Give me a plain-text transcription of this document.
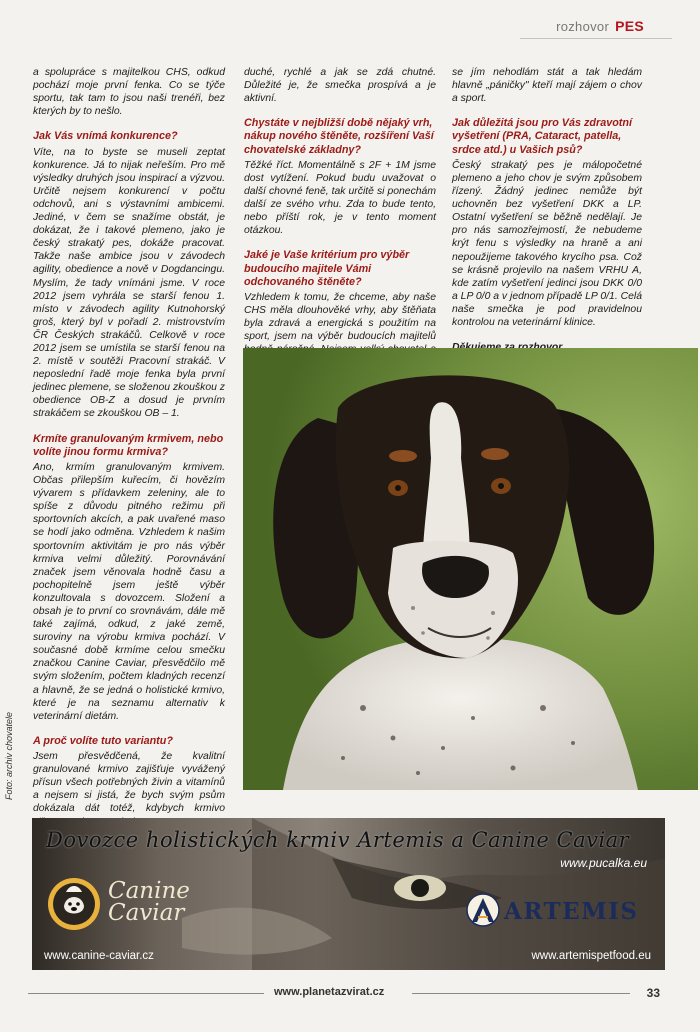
rozhovor PES

a spolupráce s majitelkou CHS, odkud pochází moje první fenka. Co se týče sportu, tak tam to jsou naši trenéři, bez kterých by to nešlo.

Jak Vás vnímá konkurence?

Víte, na to byste se museli zeptat konkurence. Já to nijak neřeším. Pro mě výsledky druhých jsou inspirací a výzvou. Určitě nejsem konkurencí v počtu odchovů, ani s výstavními ambicemi. Jediné, v čem se snažíme obstát, je dokázat, že i takové plemeno, jako je český strakatý pes, dokáže pracovat. Takže naše ambice jsou v závodech agility, obedience a nově v Dogdancingu. Myslím, že tady vnímáni jsme. V roce 2012 jsem vyhrála se starší fenou 1. místo v závodech agility Kutnohorský groš, který byl v pořadí 2. mistrovstvím ČR Českých strakáčů. Celkově v roce 2012 jsem se umístila se starší fenou na 2. místě v soutěži Pracovní strakáč. V neposlední řadě moje fenka byla první jedinec plemene, se složenou zkouškou z obedience OB-Z a dosud je prvním strakáčem se zkouškou OB – 1.

Krmíte granulovaným krmivem, nebo volíte jinou formu krmiva?

Ano, krmím granulovaným krmivem. Občas přilepším kuřecím, či hovězím vývarem s přídavkem zeleniny, ale to spíše z důvodu pitného režimu při sportovních akcích, a pak uvařené maso se hodí jako odměna. Vzhledem k našim sportovním aktivitám je pro nás výběr krmiva velmi důležitý. Porovnávání značek jsem věnovala hodně času a pochopitelně jsem ještě výběr konzultovala s dovozcem. Složení a obsah je to první co srovnávám, dále mě také zajímá, odkud, z jaké země, suroviny na výrobu krmiva pochází. V současné době krmíme celou smečku značkou Canine Caviar, přesvědčilo mě svým složením, počtem kladných recenzí a hlavně, že se jedná o holistické krmivo, které je na seznamu alternativ k veterinární dietám.

A proč volíte tuto variantu?

Jsem přesvědčená, že kvalitní granulované krmivo zajišťuje vyvážený přísun všech potřebných živin a vitamínů a nejsem si jistá, že bych svým psům dokázala dát totéž, kdybych krmivo

duché, rychlé a jak se zdá chutné. Důležité je, že smečka prospívá a je aktivní.

Chystáte v nejbližší době nějaký vrh, nákup nového štěněte, rozšíření Vaší chovatelské základny?

Těžké říct. Momentálně s 2F + 1M jsme dost vytížení. Pokud budu uvažovat o další chovné feně, tak určitě si ponechám další ze svého vrhu. Zda to bude tento, nebo příští rok, je v tento moment otázkou.

Jaké je Vaše kritérium pro výběr budoucího majitele Vámi odchovaného štěněte?

Vzhledem k tomu, že chceme, aby naše CHS měla dlouhověké vrhy, aby štěňata byla zdravá a energická s použitím na sport, jsem na výběr budoucích majitelů

se jím nehodlám stát a tak hledám hlavně „páničky" kteří mají zájem o chov a sport.

Jak důležitá jsou pro Vás zdravotní vyšetření (PRA, Cataract, patella, srdce atd.) u Vašich psů?

Český strakatý pes je málopočetné plemeno a jeho chov je svým způsobem řízený. Žádný jedinec nemůže být uchovněn bez vyšetření DKK a LP. Ostatní vyšetření se běžně nedělají. Je pro nás samozřejmostí, že nebudeme krýt fenu s výsledky na hraně a ani nepoužijeme takového krycího psa. Což se krásně projevilo na našem VRHU A, kde zatím vyšetření jedinci jsou DKK 0/0 a LP 0/0 a v jednom případě LP 0/1. Celá naše smečka je pod pravidelnou kontrolou na veterinární klinice.

Foto: archiv chovatele
Dovozce holistických krmiv Artemis a Canine Caviar
www.pucalka.eu
Canine
Caviar	ARTEMIS
www.canine-caviar.cz	www.artemispetfood.eu
www.planetazvirat.cz	33
